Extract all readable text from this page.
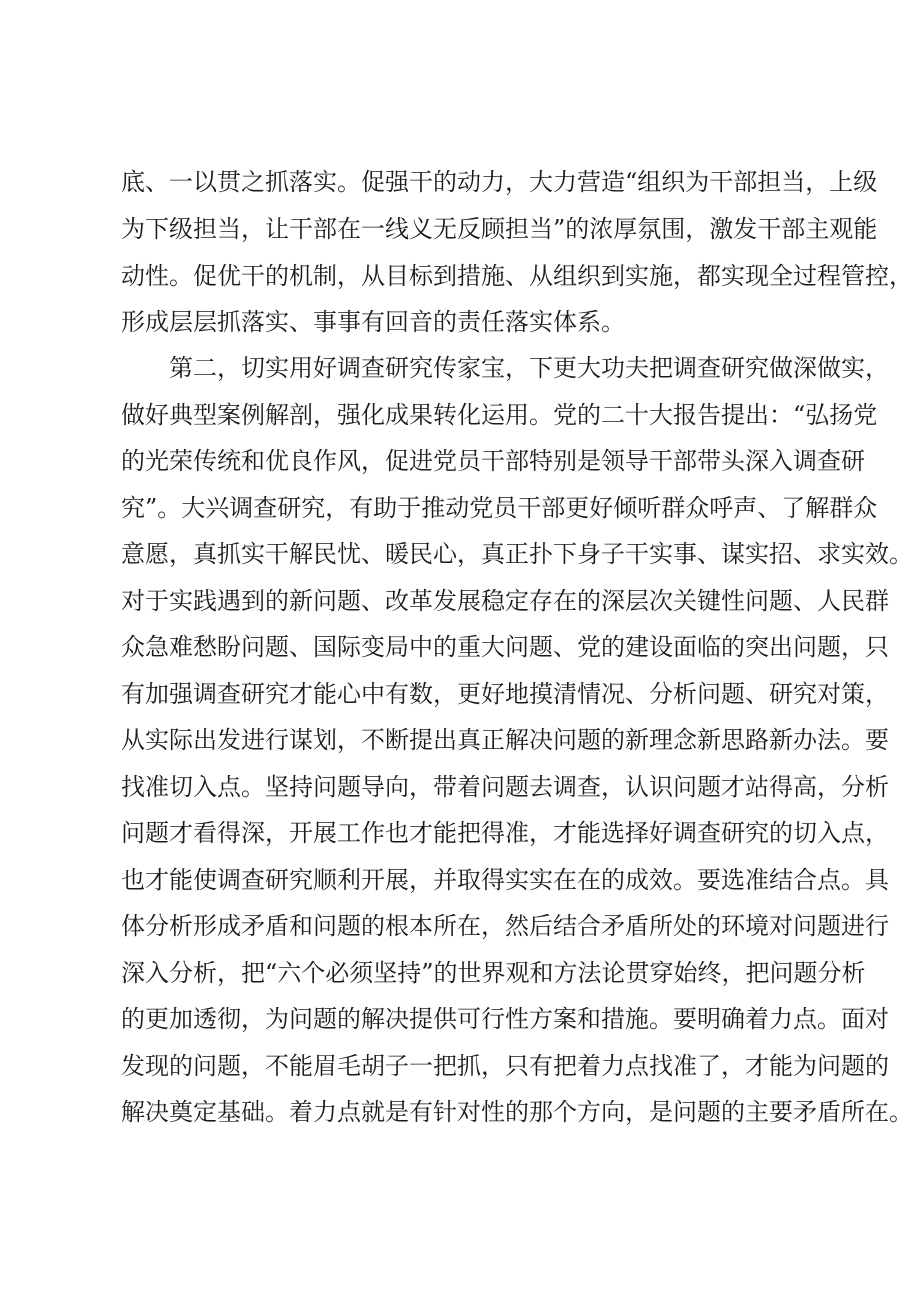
底、一以贯之抓落实。促强干的动力，大力营造“组织为干部担当，上级
为下级担当，让干部在一线义无反顾担当”的浓厚氛围，激发干部主观能
动性。促优干的机制，从目标到措施、从组织到实施，都实现全过程管控，
形成层层抓落实、事事有回音的责任落实体系。
第二，切实用好调查研究传家宝，下更大功夫把调查研究做深做实，
做好典型案例解剖，强化成果转化运用。党的二十大报告提出：“弘扬党
的光荣传统和优良作风，促进党员干部特别是领导干部带头深入调查研
究”。大兴调查研究，有助于推动党员干部更好倾听群众呼声、了解群众
意愿，真抓实干解民忧、暖民心，真正扑下身子干实事、谋实招、求实效。
对于实践遇到的新问题、改革发展稳定存在的深层次关键性问题、人民群
众急难愁盼问题、国际变局中的重大问题、党的建设面临的突出问题，只
有加强调查研究才能心中有数，更好地摸清情况、分析问题、研究对策，
从实际出发进行谋划，不断提出真正解决问题的新理念新思路新办法。要
找准切入点。坚持问题导向，带着问题去调查，认识问题才站得高，分析
问题才看得深，开展工作也才能把得准，才能选择好调查研究的切入点，
也才能使调查研究顺利开展，并取得实实在在的成效。要选准结合点。具
体分析形成矛盾和问题的根本所在，然后结合矛盾所处的环境对问题进行
深入分析，把“六个必须坚持”的世界观和方法论贯穿始终，把问题分析
的更加透彻，为问题的解决提供可行性方案和措施。要明确着力点。面对
发现的问题，不能眉毛胡子一把抓，只有把着力点找准了，才能为问题的
解决奠定基础。着力点就是有针对性的那个方向，是问题的主要矛盾所在。
